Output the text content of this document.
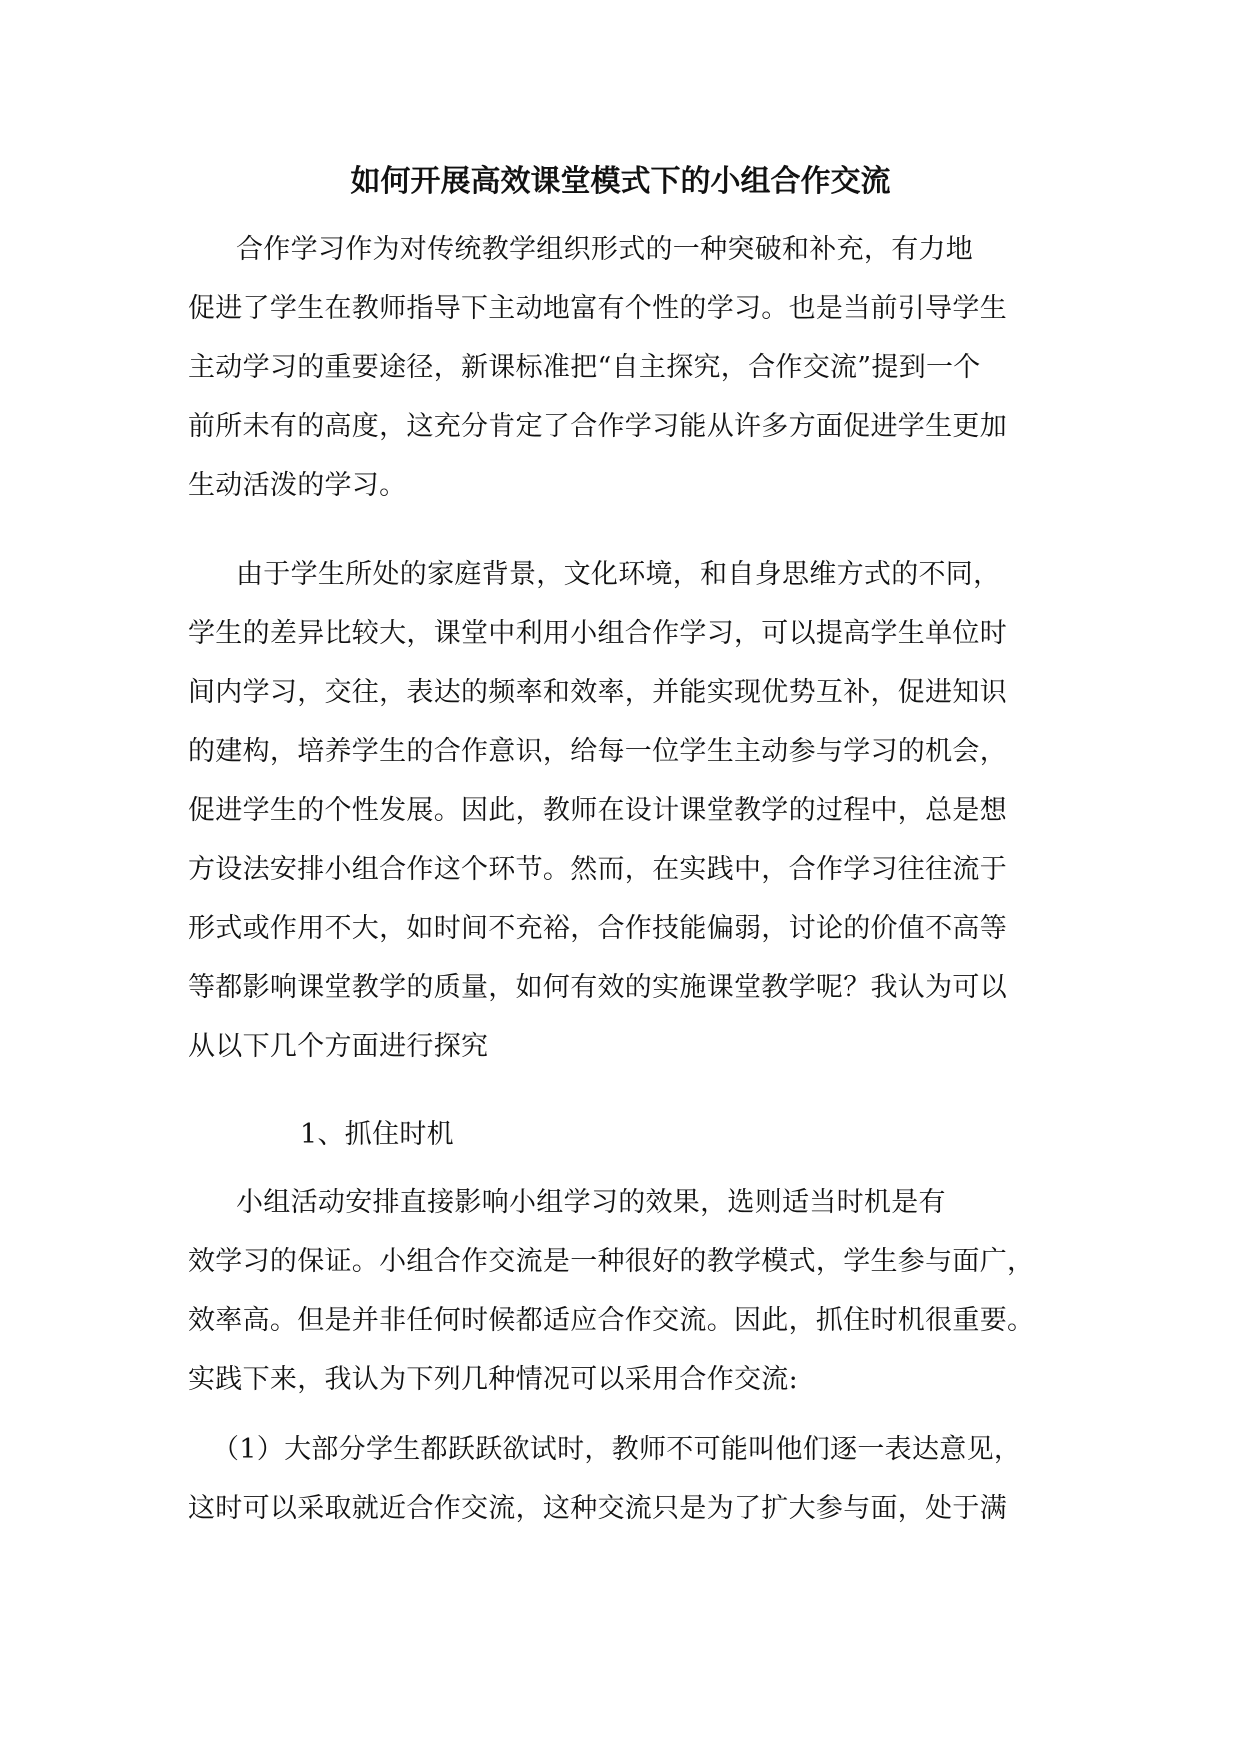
如何开展高效课堂模式下的小组合作交流
合作学习作为对传统教学组织形式的一种突破和补充，有力地
促进了学生在教师指导下主动地富有个性的学习。也是当前引导学生
主动学习的重要途径，新课标准把“自主探究，合作交流”提到一个
前所未有的高度，这充分肯定了合作学习能从许多方面促进学生更加
生动活泼的学习。
由于学生所处的家庭背景，文化环境，和自身思维方式的不同，
学生的差异比较大，课堂中利用小组合作学习，可以提高学生单位时
间内学习，交往，表达的频率和效率，并能实现优势互补，促进知识
的建构，培养学生的合作意识，给每一位学生主动参与学习的机会，
促进学生的个性发展。因此，教师在设计课堂教学的过程中，总是想
方设法安排小组合作这个环节。然而，在实践中，合作学习往往流于
形式或作用不大，如时间不充裕，合作技能偏弱，讨论的价值不高等
等都影响课堂教学的质量，如何有效的实施课堂教学呢？我认为可以
从以下几个方面进行探究
1、抓住时机
小组活动安排直接影响小组学习的效果，选则适当时机是有
效学习的保证。小组合作交流是一种很好的教学模式，学生参与面广，
效率高。但是并非任何时候都适应合作交流。因此，抓住时机很重要。
实践下来，我认为下列几种情况可以采用合作交流:
（1）大部分学生都跃跃欲试时，教师不可能叫他们逐一表达意见，
这时可以采取就近合作交流，这种交流只是为了扩大参与面，处于满
